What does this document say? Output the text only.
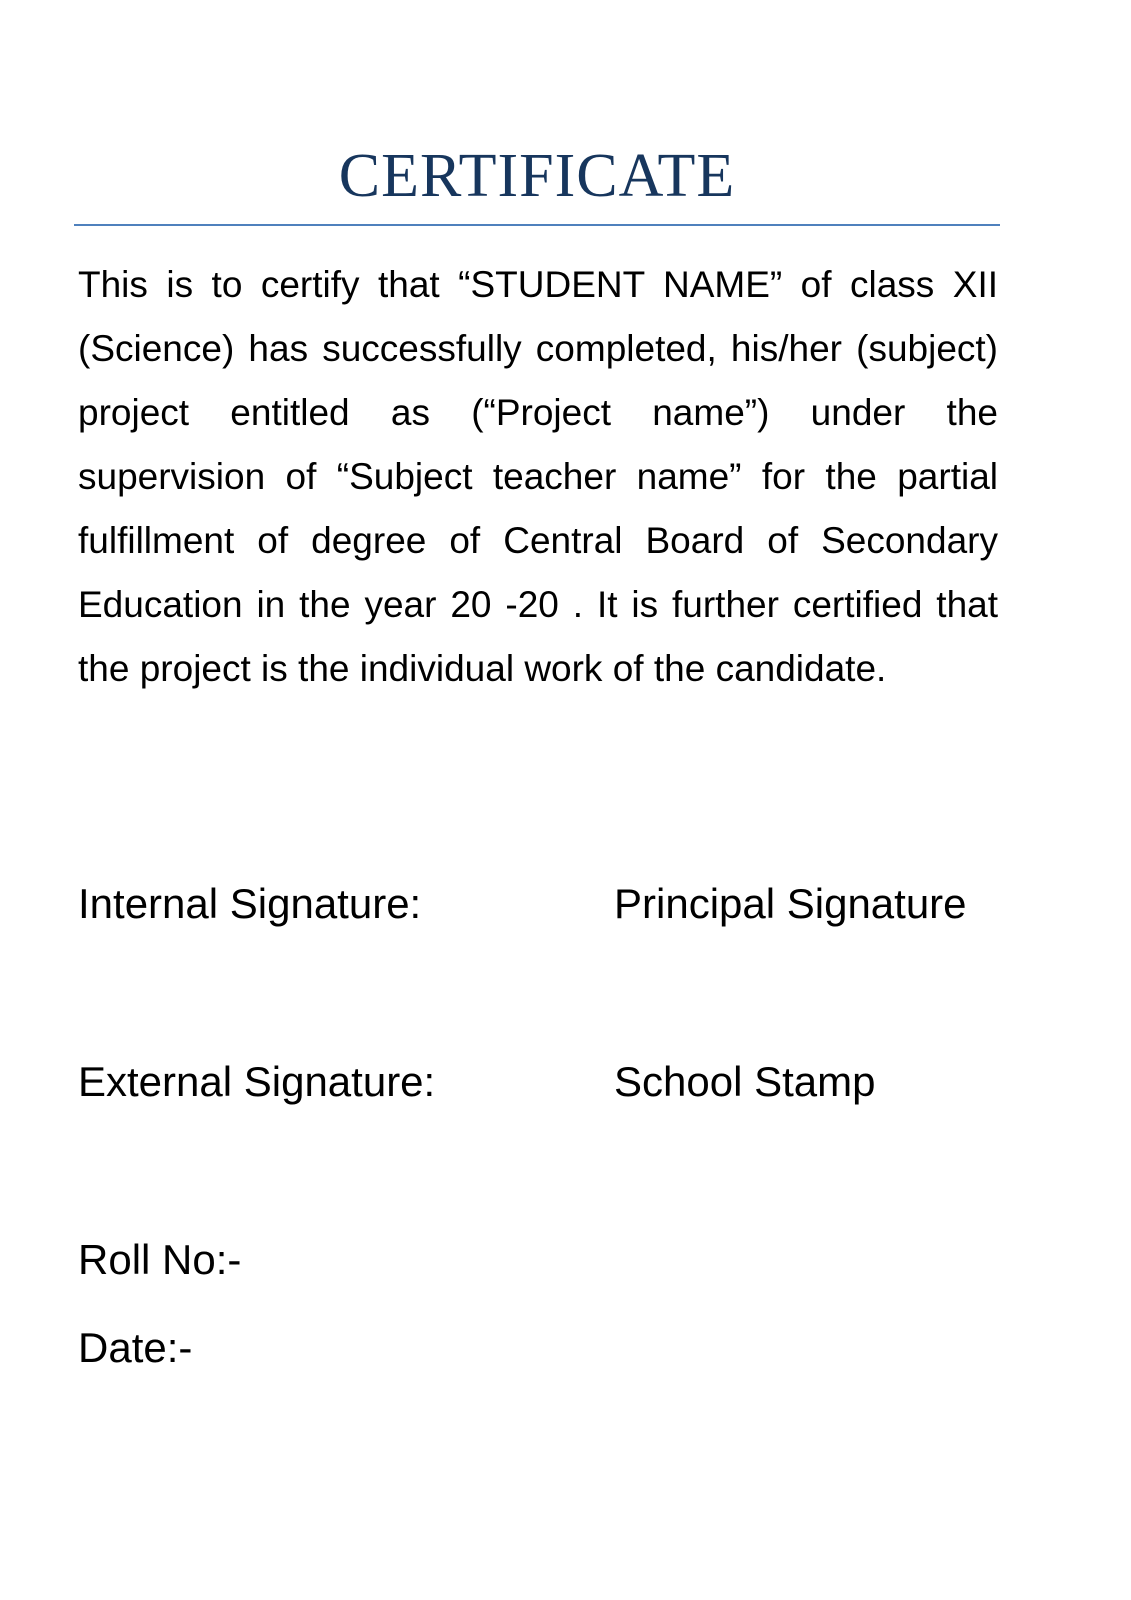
CERTIFICATE

This is to certify that “STUDENT NAME” of class XII (Science) has successfully completed, his/her (subject) project entitled as (“Project name”) under the supervision of “Subject teacher name” for the partial fulfillment of degree of Central Board of Secondary Education in the year 20 -20 . It is further certified that the project is the individual work of the candidate.

Internal Signature:	Principal Signature
External Signature:	School Stamp
Roll No:-
Date:-
